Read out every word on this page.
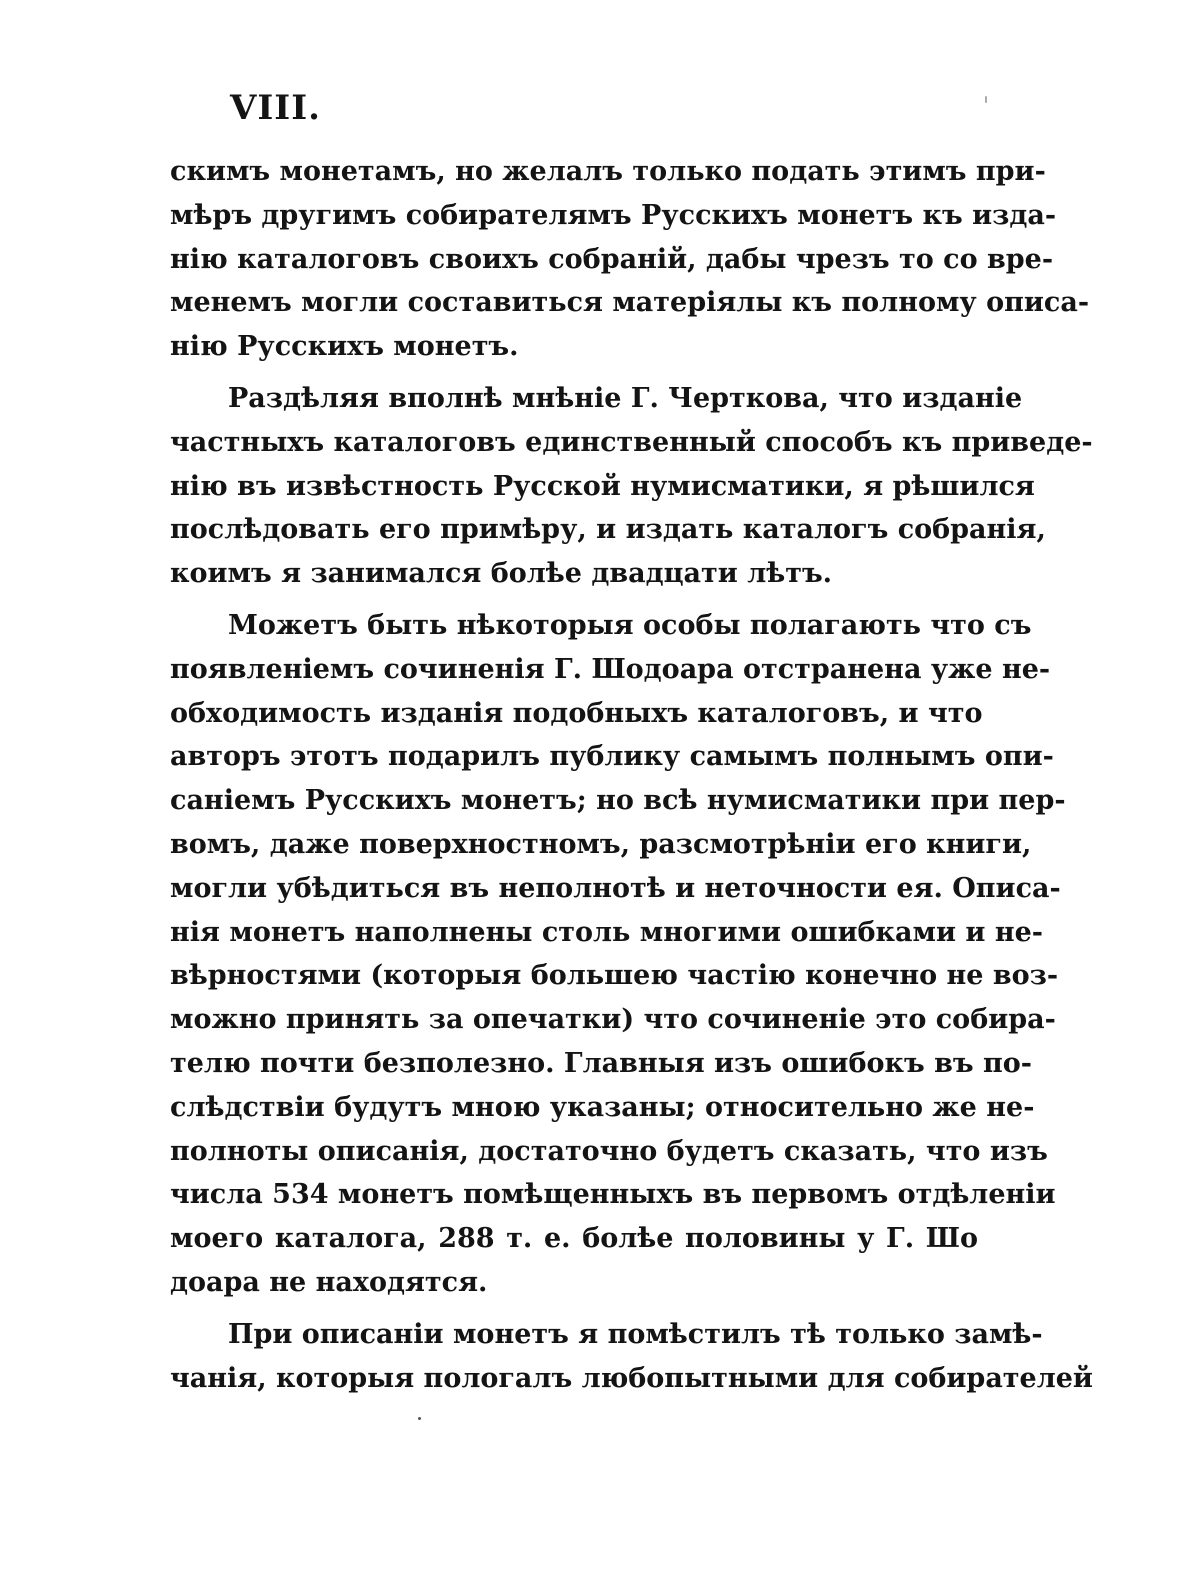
VIII.
скимъ монетамъ, но желалъ только подать этимъ при-
мѣръ другимъ собирателямъ Русскихъ монетъ къ изда-
нію каталоговъ своихъ собраній, дабы чрезъ то со вре-
менемъ могли составиться матеріялы къ полному описа-
нію Русскихъ монетъ.
Раздѣляя вполнѣ мнѣніе Г. Черткова, что изданіе
частныхъ каталоговъ единственный способъ къ приведе-
нію въ извѣстность Русской нумисматики, я рѣшился
послѣдовать его примѣру, и издать каталогъ собранія,
коимъ я занимался болѣе двадцати лѣтъ.
Можетъ быть нѣкоторыя особы полагають что съ
появленіемъ сочиненія Г. Шодоара отстранена уже не-
обходимость изданія подобныхъ каталоговъ, и что
авторъ этотъ подарилъ публику самымъ полнымъ опи-
саніемъ Русскихъ монетъ; но всѣ нумисматики при пер-
вомъ, даже поверхностномъ, разсмотрѣніи его книги,
могли убѣдиться въ неполнотѣ и неточности ея. Описа-
нія монетъ наполнены столь многими ошибками и не-
вѣрностями (которыя большею частію конечно не воз-
можно принять за опечатки) что сочиненіе это собира-
телю почти безполезно. Главныя изъ ошибокъ въ по-
слѣдствіи будутъ мною указаны; относительно же не-
полноты описанія, достаточно будетъ сказать, что изъ
числа 534 монетъ помѣщенныхъ въ первомъ отдѣленіи
моего каталога, 288 т. е. болѣе половины у Г. Шо
доара не находятся.
При описаніи монетъ я помѣстилъ тѣ только замѣ-
чанія, которыя пологалъ любопытными для собирателей
